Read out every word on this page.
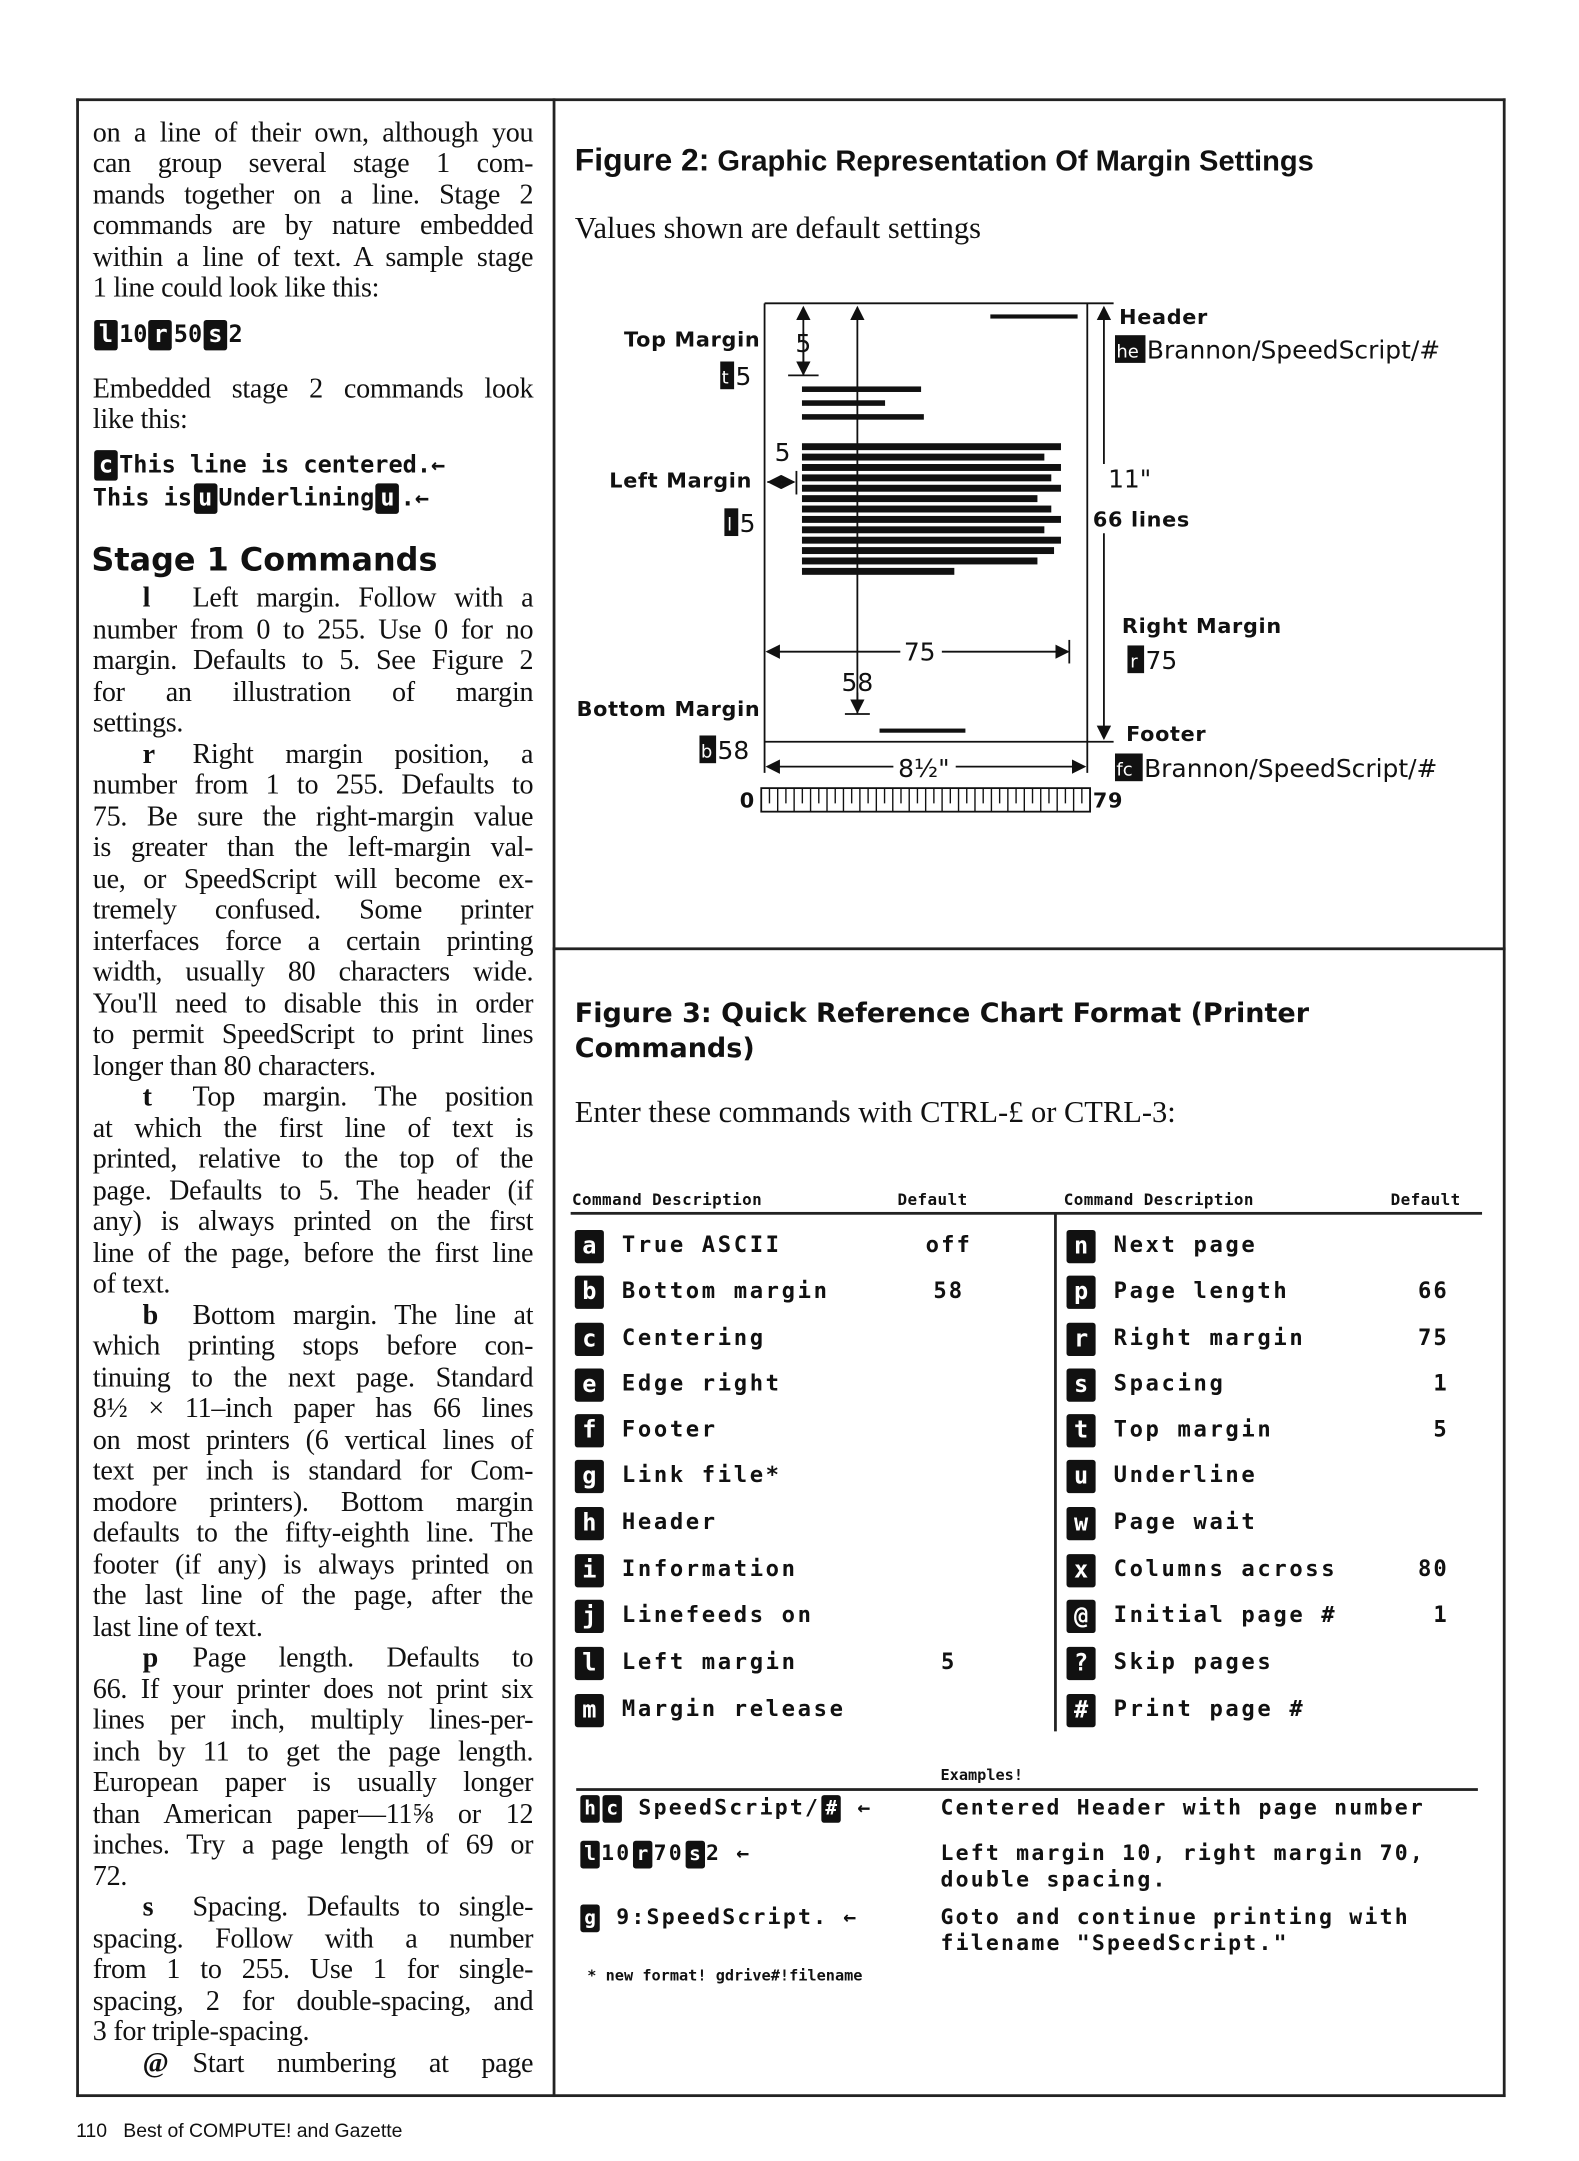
on a line of their own, although you
can group several stage 1 com-
mands together on a line. Stage 2
commands are by nature embedded
within a line of text. A sample stage
1 line could look like this:
l 10 r 50 s 2
Embedded stage 2 commands look
like this:
c This line is centered.←
This is u Underlining u .←
Stage 1 Commands
l Left margin. Follow with a
number from 0 to 255. Use 0 for no
margin. Defaults to 5. See Figure 2
for an illustration of margin
settings.
r Right margin position, a
number from 1 to 255. Defaults to
75. Be sure the right-margin value
is greater than the left-margin val-
ue, or SpeedScript will become ex-
tremely confused. Some printer
interfaces force a certain printing
width, usually 80 characters wide.
You'll need to disable this in order
to permit SpeedScript to print lines
longer than 80 characters.
t Top margin. The position
at which the first line of text is
printed, relative to the top of the
page. Defaults to 5. The header (if
any) is always printed on the first
line of the page, before the first line
of text.
b Bottom margin. The line at
which printing stops before con-
tinuing to the next page. Standard
8½ × 11–inch paper has 66 lines
on most printers (6 vertical lines of
text per inch is standard for Com-
modore printers). Bottom margin
defaults to the fifty-eighth line. The
footer (if any) is always printed on
the last line of the page, after the
last line of text.
p Page length. Defaults to
66. If your printer does not print six
lines per inch, multiply lines-per-
inch by 11 to get the page length.
European paper is usually longer
than American paper—11⅝ or 12
inches. Try a page length of 69 or
72.
s Spacing. Defaults to single-
spacing. Follow with a number
from 1 to 255. Use 1 for single-
spacing, 2 for double-spacing, and
3 for triple-spacing.
@ Start numbering at page
Figure 2: Graphic Representation Of Margin Settings
Values shown are default settings
5
5
75
58
8½"
11"
66 lines
0	79
Top Margin
Left Margin
Bottom Margin
Header
Right Margin
Footer
t 5
l 5
b 58
he Brannon/SpeedScript/#
r 75
fc Brannon/SpeedScript/#
Figure 3: Quick Reference Chart Format (Printer
Commands)
Enter these commands with CTRL-£ or CTRL-3:
Command Description	Default	Command Description	Default
a True ASCII	off
b Bottom margin	58
c Centering
e Edge right
f Footer
g Link file*
h Header
i Information
j Linefeeds on
l Left margin	5
m Margin release
n Next page
p Page length	66
r Right margin	75
s Spacing	1
t Top margin	5
u Underline
w Page wait
x Columns across	80
@ Initial page #	1
? Skip pages
# Print page #
Examples!
h c SpeedScript/ # ←	Centered Header with page number
l 10 r 70 s 2 ←	Left margin 10, right margin 70,
double spacing.
g 9:SpeedScript. ←	Goto and continue printing with
filename "SpeedScript."
* new format! gdrive#!filename
110 Best of COMPUTE! and Gazette
